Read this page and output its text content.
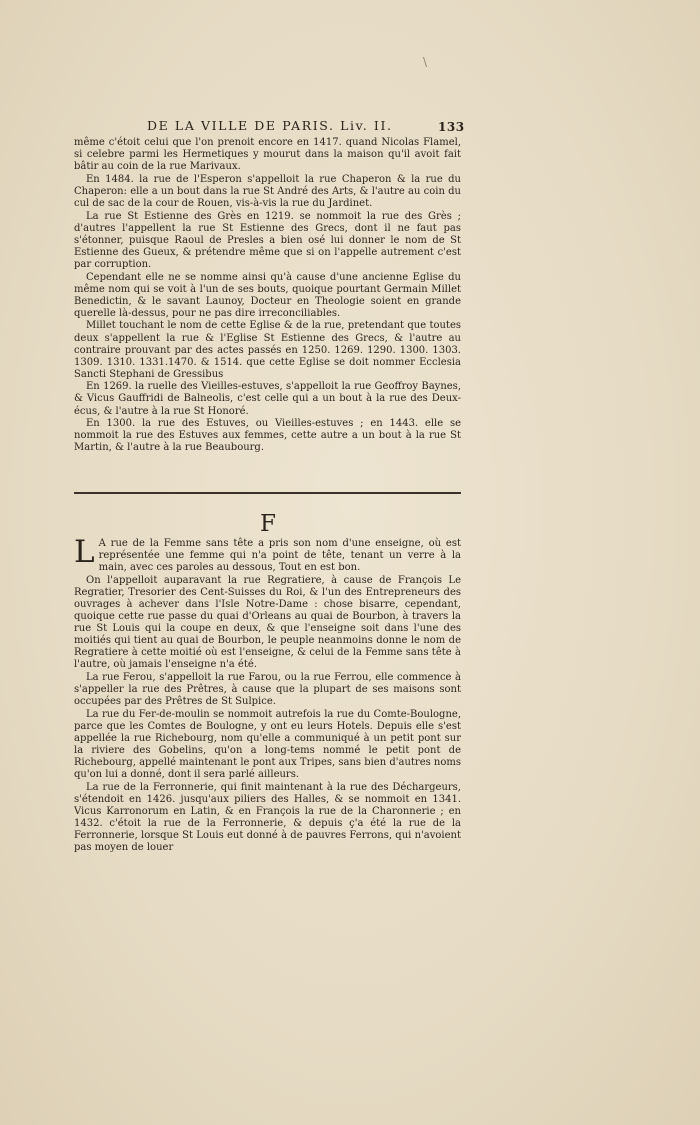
\
DE LA VILLE DE PARIS. Liv. II.	133

même c'étoit celui que l'on prenoit encore en 1417. quand Nicolas Flamel, si celebre parmi les Hermetiques y mourut dans la maison qu'il avoit fait bâtir au coin de la rue Marivaux.

En 1484. la rue de l'Esperon s'appelloit la rue Chaperon & la rue du Chaperon: elle a un bout dans la rue St André des Arts, & l'autre au coin du cul de sac de la cour de Rouen, vis-à-vis la rue du Jardinet.

La rue St Estienne des Grès en 1219. se nommoit la rue des Grès ; d'autres l'appellent la rue St Estienne des Grecs, dont il ne faut pas s'étonner, puisque Raoul de Presles a bien osé lui donner le nom de St Estienne des Gueux, & prétendre même que si on l'appelle autrement c'est par corruption.

Cependant elle ne se nomme ainsi qu'à cause d'une ancienne Eglise du même nom qui se voit à l'un de ses bouts, quoique pourtant Germain Millet Benedictin, & le savant Launoy, Docteur en Theologie soient en grande querelle là-dessus, pour ne pas dire irreconciliables.

Millet touchant le nom de cette Eglise & de la rue, pretendant que toutes deux s'appellent la rue & l'Eglise St Estienne des Grecs, & l'autre au contraire prouvant par des actes passés en 1250. 1269. 1290. 1300. 1303. 1309. 1310. 1331.1470. & 1514. que cette Eglise se doit nommer Ecclesia Sancti Stephani de Gressibus

En 1269. la ruelle des Vieilles-estuves, s'appelloit la rue Geoffroy Baynes, & Vicus Gauffridi de Balneolis, c'est celle qui a un bout à la rue des Deux-écus, & l'autre à la rue St Honoré.

En 1300. la rue des Estuves, ou Vieilles-estuves ; en 1443. elle se nommoit la rue des Estuves aux femmes, cette autre a un bout à la rue St Martin, & l'autre à la rue Beaubourg.

F

L A rue de la Femme sans tête a pris son nom d'une enseigne, où est représentée une femme qui n'a point de tête, tenant un verre à la main, avec ces paroles au dessous, Tout en est bon.

On l'appelloit auparavant la rue Regratiere, à cause de François Le Regratier, Tresorier des Cent-Suisses du Roi, & l'un des Entrepreneurs des ouvrages à achever dans l'Isle Notre-Dame : chose bisarre, cependant, quoique cette rue passe du quai d'Orleans au quai de Bourbon, à travers la rue St Louis qui la coupe en deux, & que l'enseigne soit dans l'une des moitiés qui tient au quai de Bourbon, le peuple neanmoins donne le nom de Regratiere à cette moitié où est l'enseigne, & celui de la Femme sans tête à l'autre, où jamais l'enseigne n'a été.

La rue Ferou, s'appelloit la rue Farou, ou la rue Ferrou, elle commence à s'appeller la rue des Prêtres, à cause que la plupart de ses maisons sont occupées par des Prêtres de St Sulpice.

La rue du Fer-de-moulin se nommoit autrefois la rue du Comte-Boulogne, parce que les Comtes de Boulogne, y ont eu leurs Hotels. Depuis elle s'est appellée la rue Richebourg, nom qu'elle a communiqué à un petit pont sur la riviere des Gobelins, qu'on a long-tems nommé le petit pont de Richebourg, appellé maintenant le pont aux Tripes, sans bien d'autres noms qu'on lui a donné, dont il sera parlé ailleurs.

La rue de la Ferronnerie, qui finit maintenant à la rue des Déchargeurs, s'étendoit en 1426. jusqu'aux piliers des Halles, & se nommoit en 1341. Vicus Karronorum en Latin, & en François la rue de la Charonnerie ; en 1432. c'étoit la rue de la Ferronnerie, & depuis ç'a été la rue de la Ferronnerie, lorsque St Louis eut donné à de pauvres Ferrons, qui n'avoient pas moyen de louer
